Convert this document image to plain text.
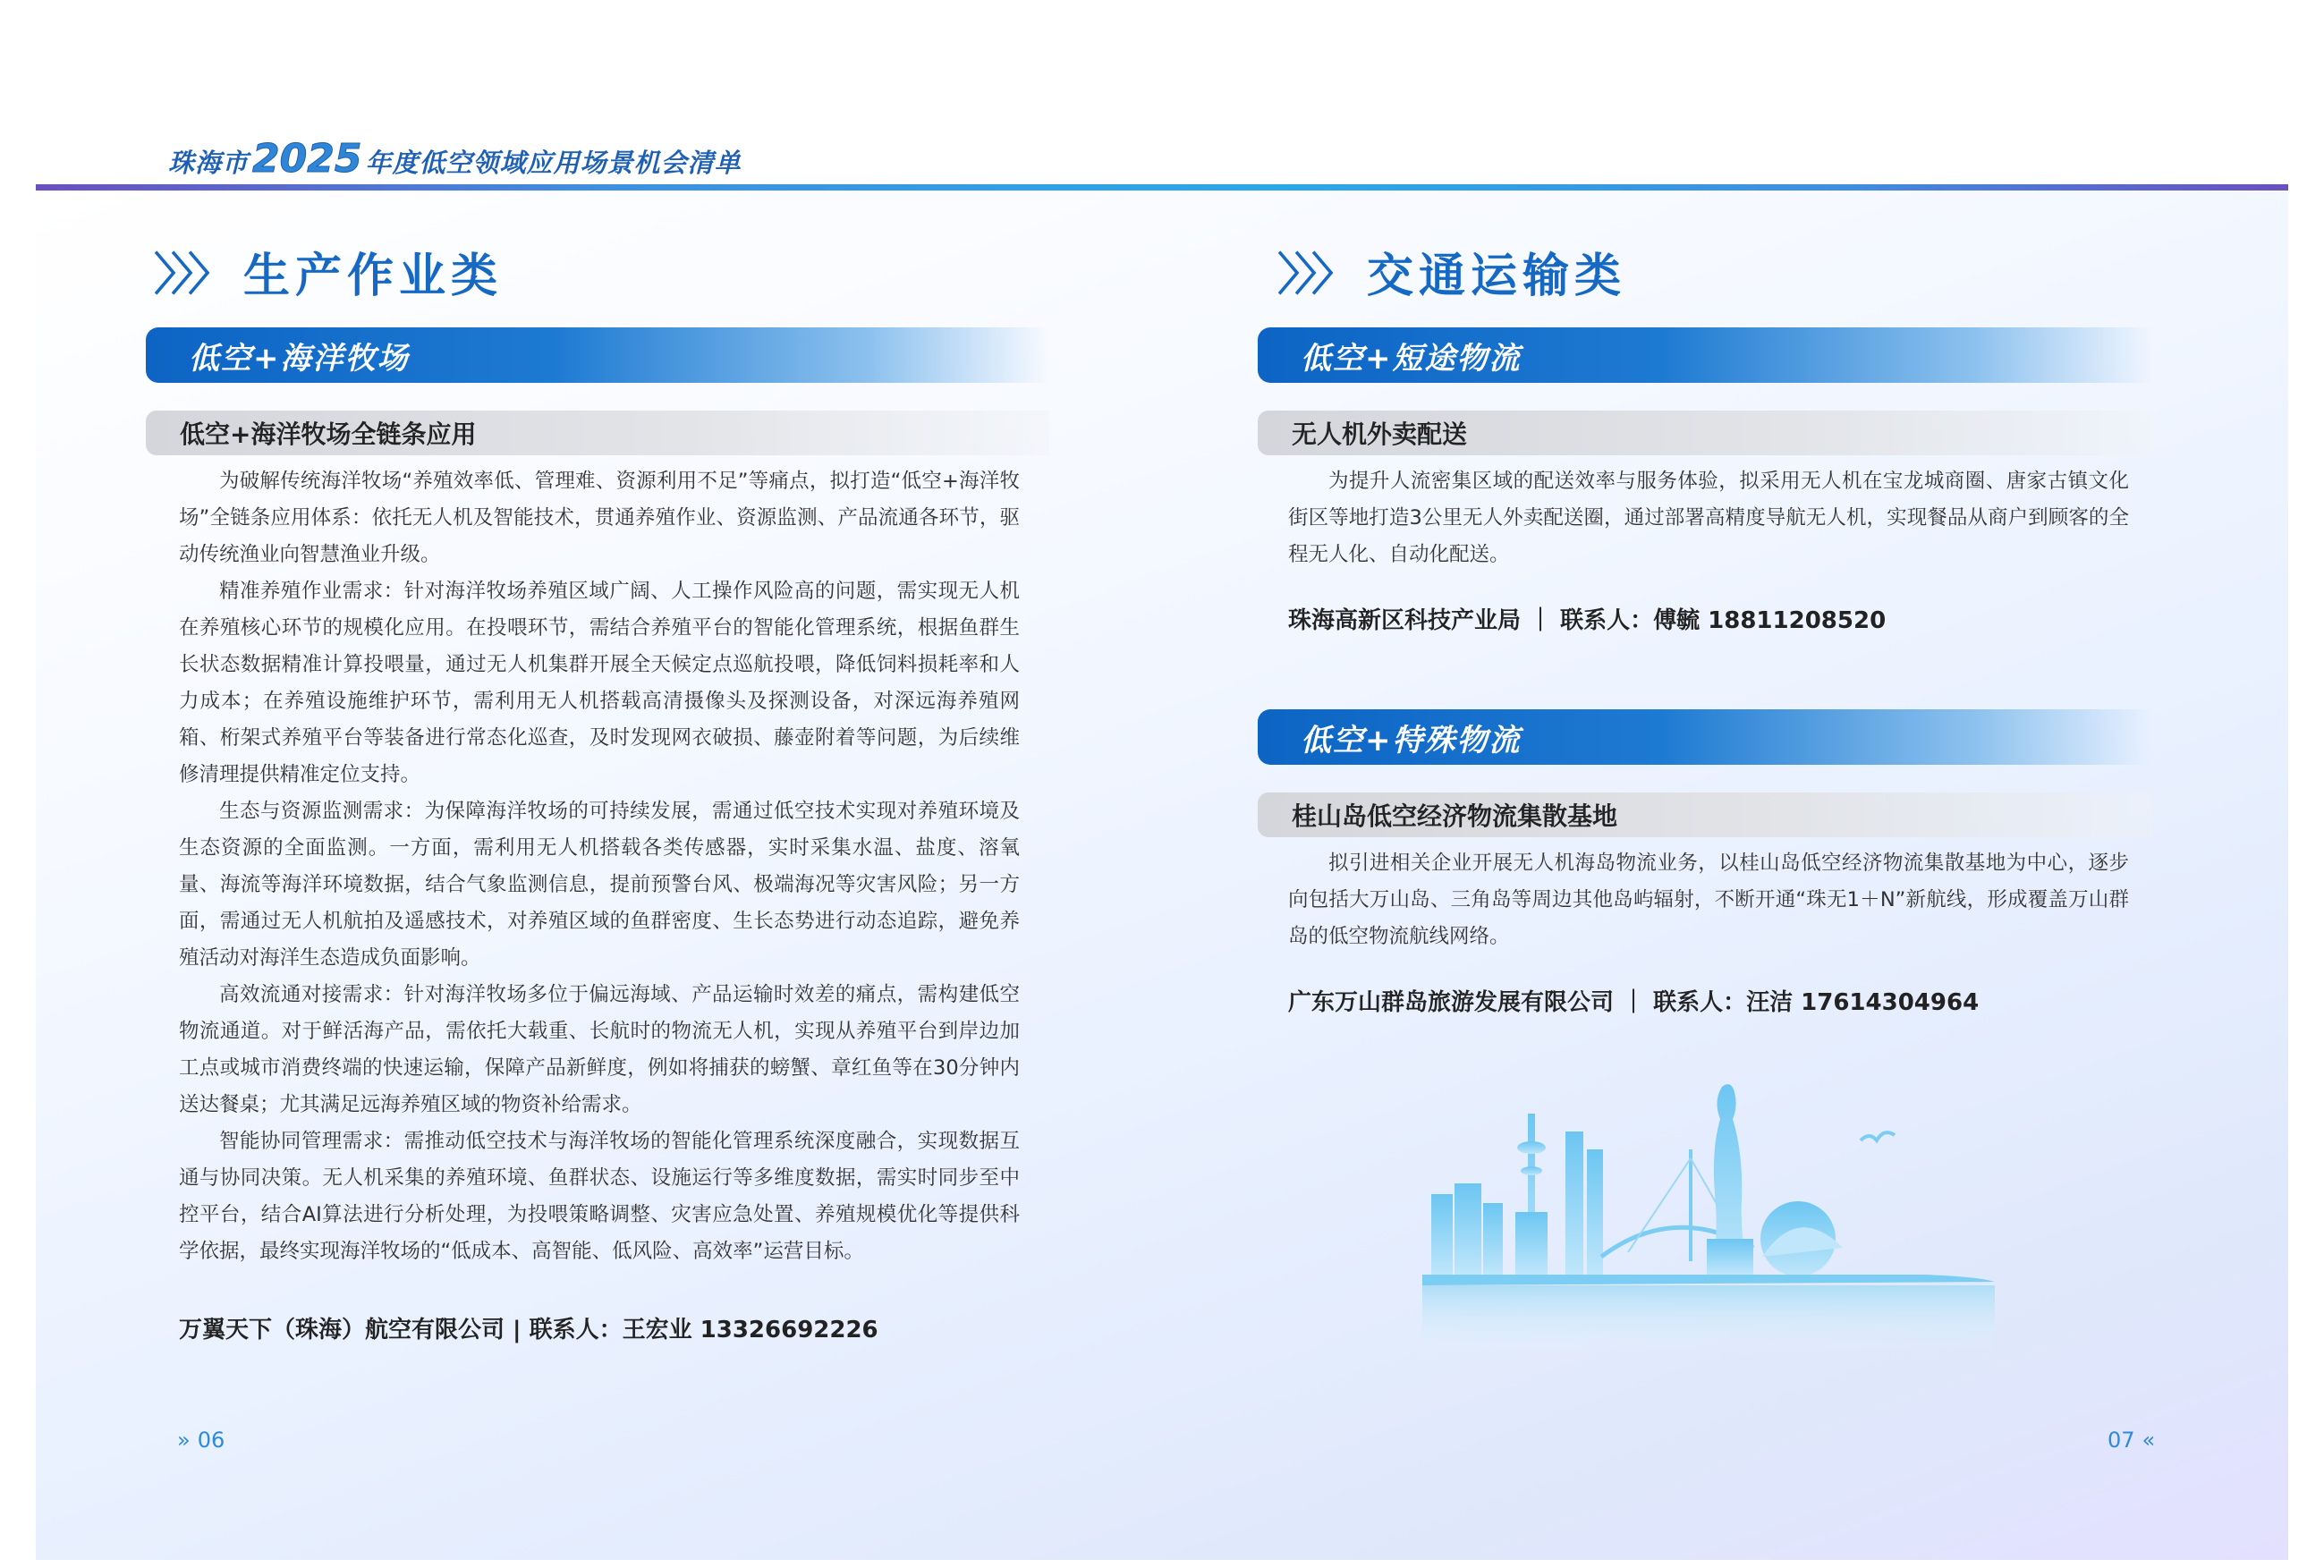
珠海市 2025 年度低空领域应用场景机会清单
〉〉〉 生产作业类
低空+海洋牧场
低空+海洋牧场全链条应用

为破解传统海洋牧场“养殖效率低、管理难、资源利用不足”等痛点，拟打造“低空+海洋牧场”全链条应用体系：依托无人机及智能技术，贯通养殖作业、资源监测、产品流通各环节，驱动传统渔业向智慧渔业升级。

精准养殖作业需求：针对海洋牧场养殖区域广阔、人工操作风险高的问题，需实现无人机在养殖核心环节的规模化应用。在投喂环节，需结合养殖平台的智能化管理系统，根据鱼群生长状态数据精准计算投喂量，通过无人机集群开展全天候定点巡航投喂，降低饲料损耗率和人力成本；在养殖设施维护环节，需利用无人机搭载高清摄像头及探测设备，对深远海养殖网箱、桁架式养殖平台等装备进行常态化巡查，及时发现网衣破损、藤壶附着等问题，为后续维修清理提供精准定位支持。

生态与资源监测需求：为保障海洋牧场的可持续发展，需通过低空技术实现对养殖环境及生态资源的全面监测。一方面，需利用无人机搭载各类传感器，实时采集水温、盐度、溶氧量、海流等海洋环境数据，结合气象监测信息，提前预警台风、极端海况等灾害风险；另一方面，需通过无人机航拍及遥感技术，对养殖区域的鱼群密度、生长态势进行动态追踪，避免养殖活动对海洋生态造成负面影响。

高效流通对接需求：针对海洋牧场多位于偏远海域、产品运输时效差的痛点，需构建低空物流通道。对于鲜活海产品，需依托大载重、长航时的物流无人机，实现从养殖平台到岸边加工点或城市消费终端的快速运输，保障产品新鲜度，例如将捕获的螃蟹、章红鱼等在30分钟内送达餐桌；尤其满足远海养殖区域的物资补给需求。

智能协同管理需求：需推动低空技术与海洋牧场的智能化管理系统深度融合，实现数据互通与协同决策。无人机采集的养殖环境、鱼群状态、设施运行等多维度数据，需实时同步至中控平台，结合AI算法进行分析处理，为投喂策略调整、灾害应急处置、养殖规模优化等提供科学依据，最终实现海洋牧场的“低成本、高智能、低风险、高效率”运营目标。

万翼天下（珠海）航空有限公司 | 联系人：王宏业 13326692226
» 06
〉〉〉 交通运输类
低空+短途物流
无人机外卖配送

为提升人流密集区域的配送效率与服务体验，拟采用无人机在宝龙城商圈、唐家古镇文化街区等地打造3公里无人外卖配送圈，通过部署高精度导航无人机，实现餐品从商户到顾客的全程无人化、自动化配送。

珠海高新区科技产业局 ｜ 联系人：傅毓 18811208520
低空+特殊物流
桂山岛低空经济物流集散基地

拟引进相关企业开展无人机海岛物流业务，以桂山岛低空经济物流集散基地为中心，逐步向包括大万山岛、三角岛等周边其他岛屿辐射，不断开通“珠无1＋N”新航线，形成覆盖万山群岛的低空物流航线网络。

广东万山群岛旅游发展有限公司 ｜ 联系人：汪洁 17614304964
07 «
